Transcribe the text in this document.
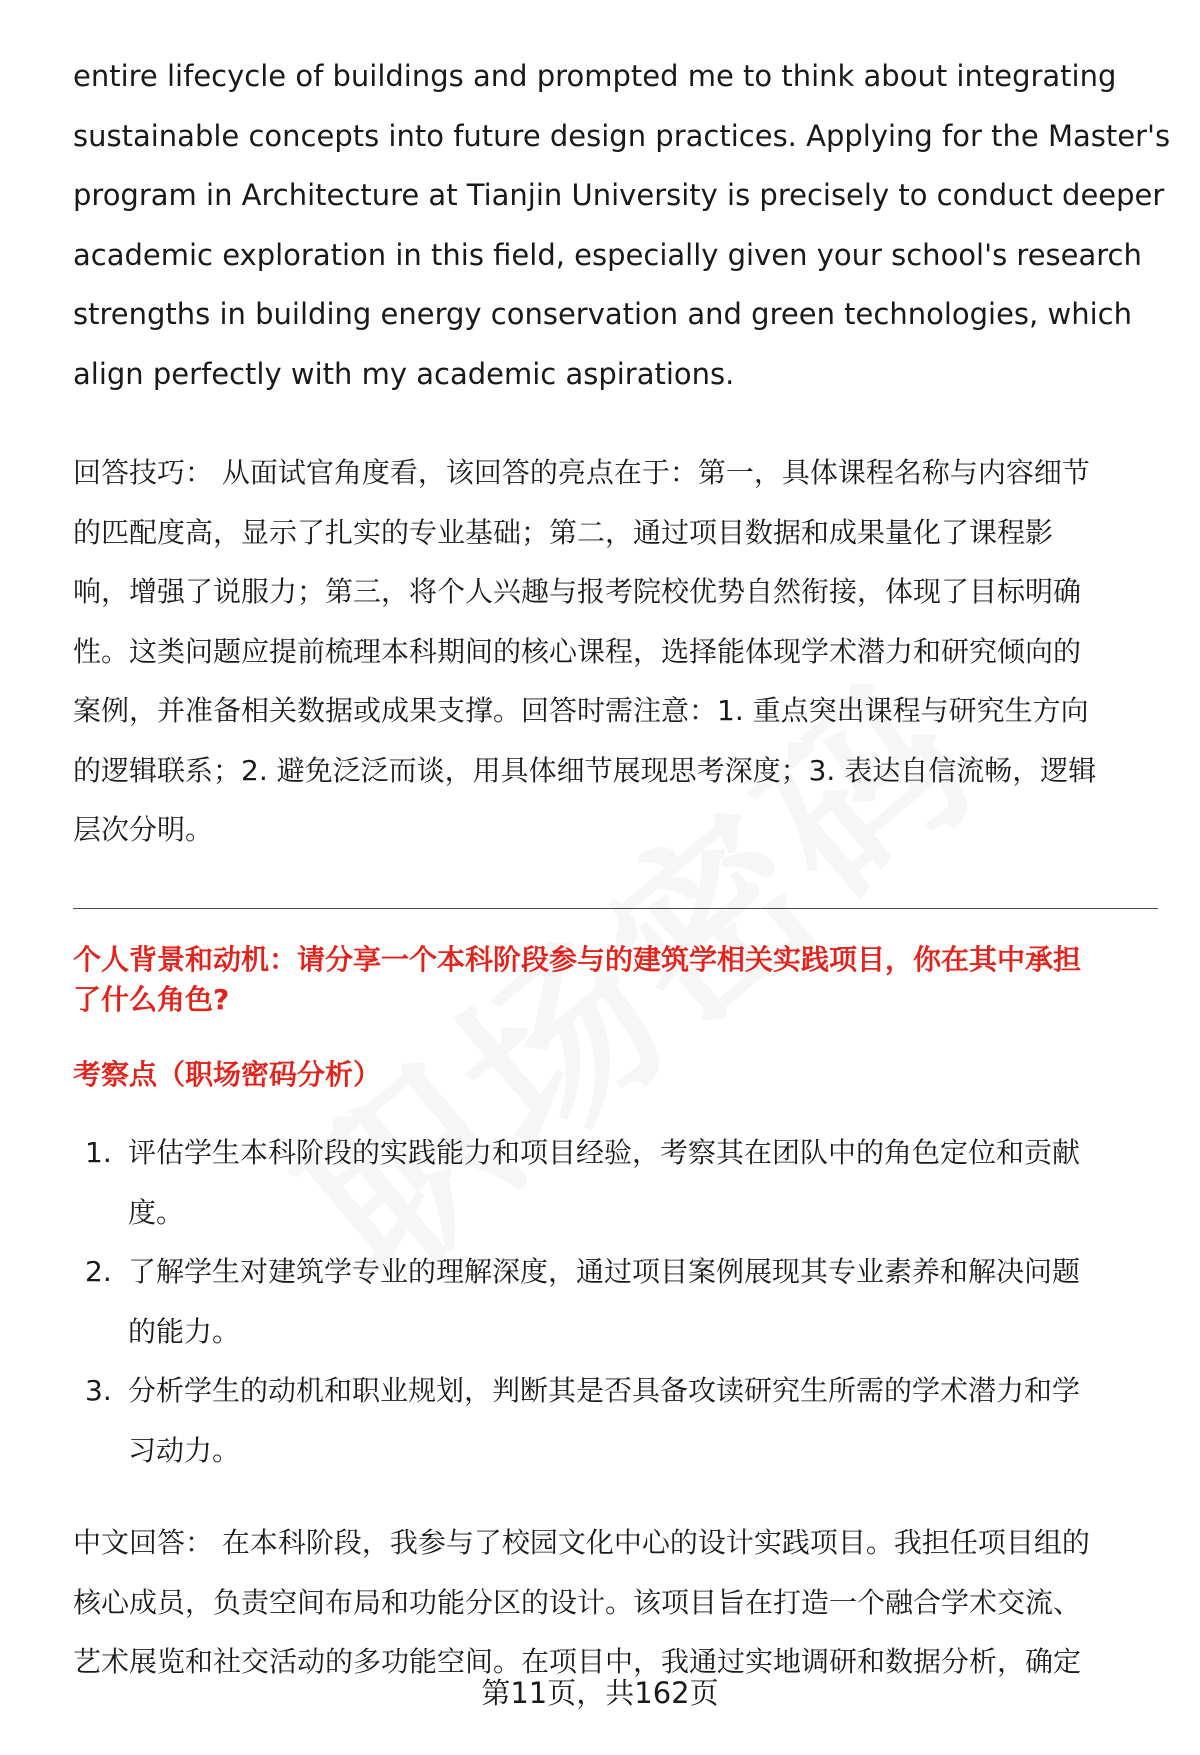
entire lifecycle of buildings and prompted me to think about integrating
sustainable concepts into future design practices. Applying for the Master's
program in Architecture at Tianjin University is precisely to conduct deeper
academic exploration in this field, especially given your school's research
strengths in building energy conservation and green technologies, which
align perfectly with my academic aspirations.

回答技巧： 从面试官角度看，该回答的亮点在于：第一，具体课程名称与内容细节
的匹配度高，显示了扎实的专业基础；第二，通过项目数据和成果量化了课程影
响，增强了说服力；第三，将个人兴趣与报考院校优势自然衔接，体现了目标明确
性。这类问题应提前梳理本科期间的核心课程，选择能体现学术潜力和研究倾向的
案例，并准备相关数据或成果支撑。回答时需注意：1. 重点突出课程与研究生方向
的逻辑联系；2. 避免泛泛而谈，用具体细节展现思考深度；3. 表达自信流畅，逻辑
层次分明。

个人背景和动机：请分享一个本科阶段参与的建筑学相关实践项目，你在其中承担
了什么角色?

考察点（职场密码分析）

1. 评估学生本科阶段的实践能力和项目经验，考察其在团队中的角色定位和贡献
度。
2. 了解学生对建筑学专业的理解深度，通过项目案例展现其专业素养和解决问题
的能力。
3. 分析学生的动机和职业规划，判断其是否具备攻读研究生所需的学术潜力和学
习动力。

中文回答： 在本科阶段，我参与了校园文化中心的设计实践项目。我担任项目组的
核心成员，负责空间布局和功能分区的设计。该项目旨在打造一个融合学术交流、
艺术展览和社交活动的多功能空间。在项目中，我通过实地调研和数据分析，确定

第11页，共162页
